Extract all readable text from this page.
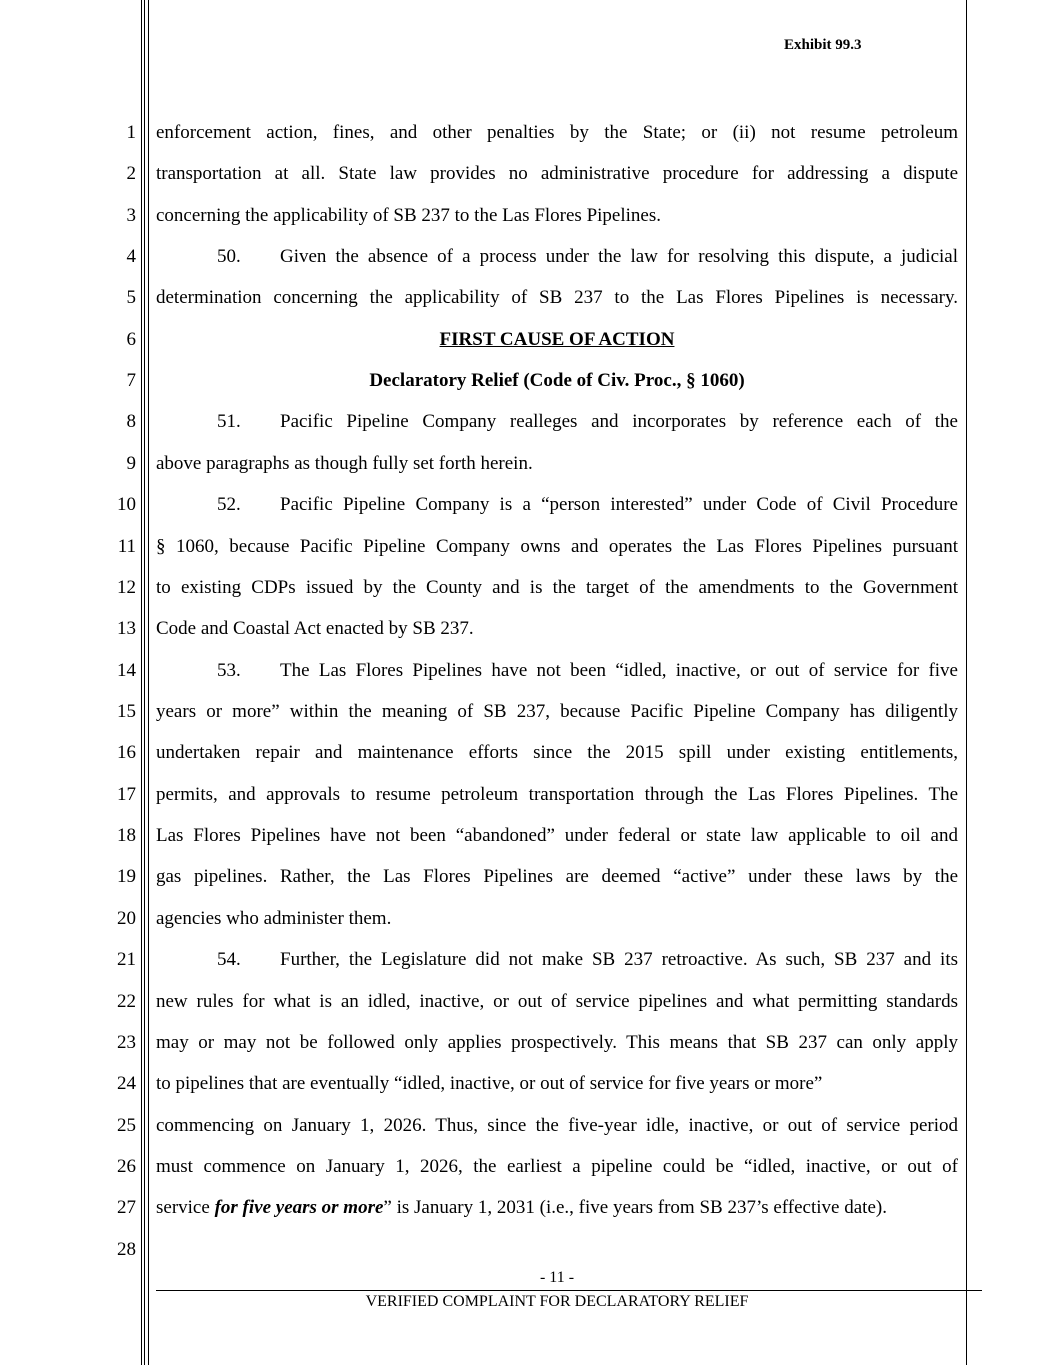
Exhibit 99.3
1
2
3
4
5
6
7
8
9
10
11
12
13
14
15
16
17
18
19
20
21
22
23
24
25
26
27
28
enforcement action, fines, and other penalties by the State; or (ii) not resume petroleum
transportation at all. State law provides no administrative procedure for addressing a dispute
concerning the applicability of SB 237 to the Las Flores Pipelines.
50. Given the absence of a process under the law for resolving this dispute, a judicial
determination concerning the applicability of SB 237 to the Las Flores Pipelines is necessary.
FIRST CAUSE OF ACTION
Declaratory Relief (Code of Civ. Proc., § 1060)
51. Pacific Pipeline Company realleges and incorporates by reference each of the
above paragraphs as though fully set forth herein.
52. Pacific Pipeline Company is a “person interested” under Code of Civil Procedure
§ 1060, because Pacific Pipeline Company owns and operates the Las Flores Pipelines pursuant
to existing CDPs issued by the County and is the target of the amendments to the Government
Code and Coastal Act enacted by SB 237.
53. The Las Flores Pipelines have not been “idled, inactive, or out of service for five
years or more” within the meaning of SB 237, because Pacific Pipeline Company has diligently
undertaken repair and maintenance efforts since the 2015 spill under existing entitlements,
permits, and approvals to resume petroleum transportation through the Las Flores Pipelines. The
Las Flores Pipelines have not been “abandoned” under federal or state law applicable to oil and
gas pipelines. Rather, the Las Flores Pipelines are deemed “active” under these laws by the
agencies who administer them.
54. Further, the Legislature did not make SB 237 retroactive. As such, SB 237 and its
new rules for what is an idled, inactive, or out of service pipelines and what permitting standards
may or may not be followed only applies prospectively. This means that SB 237 can only apply
to pipelines that are eventually “idled, inactive, or out of service for five years or more”
commencing on January 1, 2026. Thus, since the five-year idle, inactive, or out of service period
must commence on January 1, 2026, the earliest a pipeline could be “idled, inactive, or out of
service for five years or more” is January 1, 2031 (i.e., five years from SB 237’s effective date).
- 11 -
VERIFIED COMPLAINT FOR DECLARATORY RELIEF
